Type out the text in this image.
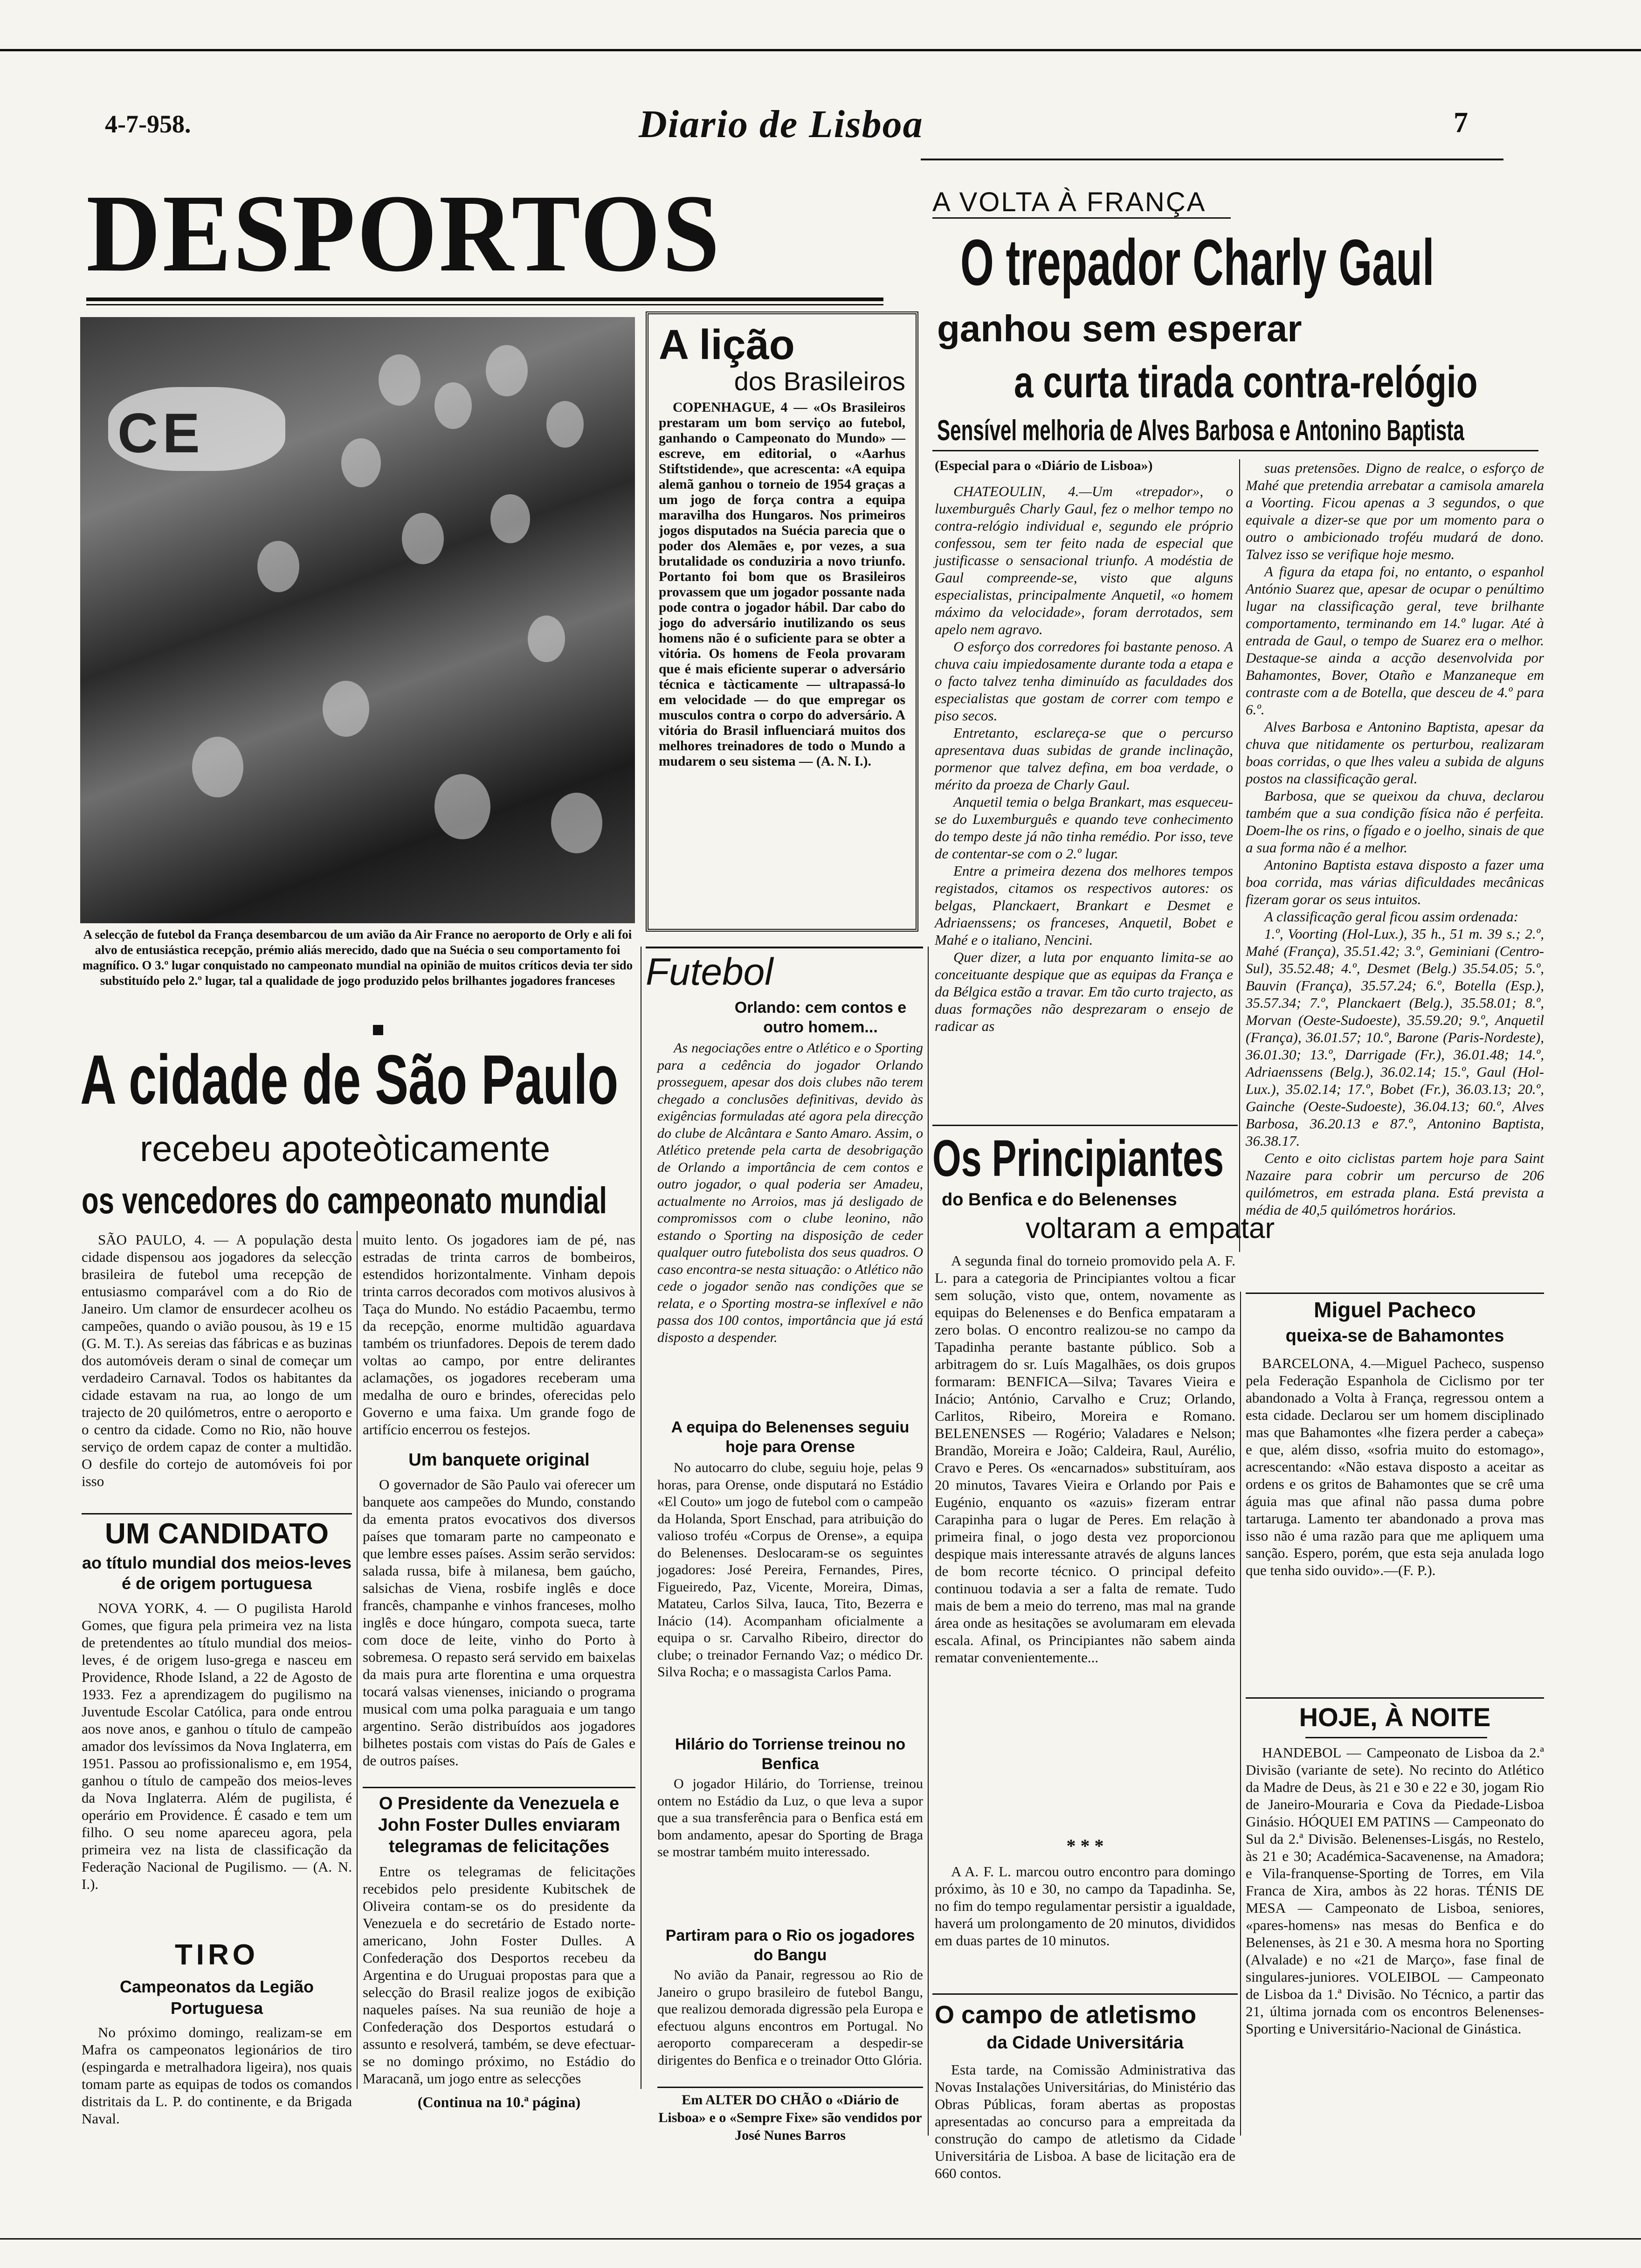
4-7-958.	Diario de Lisboa	7
DESPORTOS
CE
A selecção de futebol da França desembarcou de um avião da Air France no aeroporto de Orly e ali foi alvo de entusiástica recepção, prémio aliás merecido, dado que na Suécia o seu comportamento foi magnífico. O 3.º lugar conquistado no campeonato mundial na opinião de muitos críticos devia ter sido substituído pelo 2.º lugar, tal a qualidade de jogo produzido pelos brilhantes jogadores franceses
A lição
dos Brasileiros
COPENHAGUE, 4 — «Os Brasileiros prestaram um bom serviço ao futebol, ganhando o Campeonato do Mundo» — escreve, em editorial, o «Aarhus Stiftstidende», que acrescenta: «A equipa alemã ganhou o torneio de 1954 graças a um jogo de força contra a equipa maravilha dos Hungaros. Nos primeiros jogos disputados na Suécia parecia que o poder dos Alemães e, por vezes, a sua brutalidade os conduziria a novo triunfo. Portanto foi bom que os Brasileiros provassem que um jogador possante nada pode contra o jogador hábil. Dar cabo do jogo do adversário inutilizando os seus homens não é o suficiente para se obter a vitória. Os homens de Feola provaram que é mais eficiente superar o adversário técnica e tàcticamente — ultrapassá-lo em velocidade — do que empregar os musculos contra o corpo do adversário. A vitória do Brasil influenciará muitos dos melhores treinadores de todo o Mundo a mudarem o seu sistema — (A. N. I.).
A VOLTA À FRANÇA
O trepador Charly Gaul
ganhou sem esperar
a curta tirada contra-relógio
Sensível melhoria de Alves Barbosa e Antonino Baptista
(Especial para o «Diário de Lisboa»)

CHATEOULIN, 4.—Um «trepador», o luxemburguês Charly Gaul, fez o melhor tempo no contra-relógio individual e, segundo ele próprio confessou, sem ter feito nada de especial que justificasse o sensacional triunfo. A modéstia de Gaul compreende-se, visto que alguns especialistas, principalmente Anquetil, «o homem máximo da velocidade», foram derrotados, sem apelo nem agravo.

O esforço dos corredores foi bastante penoso. A chuva caiu impiedosamente durante toda a etapa e o facto talvez tenha diminuído as faculdades dos especialistas que gostam de correr com tempo e piso secos.

Entretanto, esclareça-se que o percurso apresentava duas subidas de grande inclinação, pormenor que talvez defina, em boa verdade, o mérito da proeza de Charly Gaul.

Anquetil temia o belga Brankart, mas esqueceu-se do Luxemburguês e quando teve conhecimento do tempo deste já não tinha remédio. Por isso, teve de contentar-se com o 2.º lugar.

Entre a primeira dezena dos melhores tempos registados, citamos os respectivos autores: os belgas, Planckaert, Brankart e Desmet e Adriaenssens; os franceses, Anquetil, Bobet e Mahé e o italiano, Nencini.

Quer dizer, a luta por enquanto limita-se ao conceituante despique que as equipas da França e da Bélgica estão a travar. Em tão curto trajecto, as duas formações não desprezaram o ensejo de radicar as

suas pretensões. Digno de realce, o esforço de Mahé que pretendia arrebatar a camisola amarela a Voorting. Ficou apenas a 3 segundos, o que equivale a dizer-se que por um momento para o outro o ambicionado troféu mudará de dono. Talvez isso se verifique hoje mesmo.

A figura da etapa foi, no entanto, o espanhol António Suarez que, apesar de ocupar o penúltimo lugar na classificação geral, teve brilhante comportamento, terminando em 14.º lugar. Até à entrada de Gaul, o tempo de Suarez era o melhor. Destaque-se ainda a acção desenvolvida por Bahamontes, Bover, Otaño e Manzaneque em contraste com a de Botella, que desceu de 4.º para 6.º.

Alves Barbosa e Antonino Baptista, apesar da chuva que nitidamente os perturbou, realizaram boas corridas, o que lhes valeu a subida de alguns postos na classificação geral.

Barbosa, que se queixou da chuva, declarou também que a sua condição física não é perfeita. Doem-lhe os rins, o fígado e o joelho, sinais de que a sua forma não é a melhor.

Antonino Baptista estava disposto a fazer uma boa corrida, mas várias dificuldades mecânicas fizeram gorar os seus intuitos.

A classificação geral ficou assim ordenada:

1.º, Voorting (Hol-Lux.), 35 h., 51 m. 39 s.; 2.º, Mahé (França), 35.51.42; 3.º, Geminiani (Centro-Sul), 35.52.48; 4.º, Desmet (Belg.) 35.54.05; 5.º, Bauvin (França), 35.57.24; 6.º, Botella (Esp.), 35.57.34; 7.º, Planckaert (Belg.), 35.58.01; 8.º, Morvan (Oeste-Sudoeste), 35.59.20; 9.º, Anquetil (França), 36.01.57; 10.º, Barone (Paris-Nordeste), 36.01.30; 13.º, Darrigade (Fr.), 36.01.48; 14.º, Adriaenssens (Belg.), 36.02.14; 15.º, Gaul (Hol-Lux.), 35.02.14; 17.º, Bobet (Fr.), 36.03.13; 20.º, Gainche (Oeste-Sudoeste), 36.04.13; 60.º, Alves Barbosa, 36.20.13 e 87.º, Antonino Baptista, 36.38.17.

Cento e oito ciclistas partem hoje para Saint Nazaire para cobrir um percurso de 206 quilómetros, em estrada plana. Está prevista a média de 40,5 quilómetros horários.

Futebol
Orlando: cem contos e outro homem...
As negociações entre o Atlético e o Sporting para a cedência do jogador Orlando prosseguem, apesar dos dois clubes não terem chegado a conclusões definitivas, devido às exigências formuladas até agora pela direcção do clube de Alcântara e Santo Amaro. Assim, o Atlético pretende pela carta de desobrigação de Orlando a importância de cem contos e outro jogador, o qual poderia ser Amadeu, actualmente no Arroios, mas já desligado de compromissos com o clube leonino, não estando o Sporting na disposição de ceder qualquer outro futebolista dos seus quadros. O caso encontra-se nesta situação: o Atlético não cede o jogador senão nas condições que se relata, e o Sporting mostra-se inflexível e não passa dos 100 contos, importância que já está disposto a despender.
A equipa do Belenenses seguiu hoje para Orense
No autocarro do clube, seguiu hoje, pelas 9 horas, para Orense, onde disputará no Estádio «El Couto» um jogo de futebol com o campeão da Holanda, Sport Enschad, para atribuição do valioso troféu «Corpus de Orense», a equipa do Belenenses. Deslocaram-se os seguintes jogadores: José Pereira, Fernandes, Pires, Figueiredo, Paz, Vicente, Moreira, Dimas, Matateu, Carlos Silva, Iauca, Tito, Bezerra e Inácio (14). Acompanham oficialmente a equipa o sr. Carvalho Ribeiro, director do clube; o treinador Fernando Vaz; o médico Dr. Silva Rocha; e o massagista Carlos Pama.
Hilário do Torriense treinou no Benfica
O jogador Hilário, do Torriense, treinou ontem no Estádio da Luz, o que leva a supor que a sua transferência para o Benfica está em bom andamento, apesar do Sporting de Braga se mostrar também muito interessado.
Partiram para o Rio os jogadores do Bangu
No avião da Panair, regressou ao Rio de Janeiro o grupo brasileiro de futebol Bangu, que realizou demorada digressão pela Europa e efectuou alguns encontros em Portugal. No aeroporto compareceram a despedir-se dirigentes do Benfica e o treinador Otto Glória.
Em ALTER DO CHÃO o «Diário de Lisboa» e o «Sempre Fixe» são vendidos por José Nunes Barros
A cidade de São Paulo
recebeu apoteòticamente
os vencedores do campeonato mundial
SÃO PAULO, 4. — A população desta cidade dispensou aos jogadores da selecção brasileira de futebol uma recepção de entusiasmo comparável com a do Rio de Janeiro. Um clamor de ensurdecer acolheu os campeões, quando o avião pousou, às 19 e 15 (G. M. T.). As sereias das fábricas e as buzinas dos automóveis deram o sinal de começar um verdadeiro Carnaval. Todos os habitantes da cidade estavam na rua, ao longo de um trajecto de 20 quilómetros, entre o aeroporto e o centro da cidade. Como no Rio, não houve serviço de ordem capaz de conter a multidão. O desfile do cortejo de automóveis foi por isso
muito lento. Os jogadores iam de pé, nas estradas de trinta carros de bombeiros, estendidos horizontalmente. Vinham depois trinta carros decorados com motivos alusivos à Taça do Mundo. No estádio Pacaembu, termo da recepção, enorme multidão aguardava também os triunfadores. Depois de terem dado voltas ao campo, por entre delirantes aclamações, os jogadores receberam uma medalha de ouro e brindes, oferecidas pelo Governo e uma faixa. Um grande fogo de artifício encerrou os festejos.
Um banquete original
O governador de São Paulo vai oferecer um banquete aos campeões do Mundo, constando da ementa pratos evocativos dos diversos países que tomaram parte no campeonato e que lembre esses países. Assim serão servidos: salada russa, bife à milanesa, bem gaúcho, salsichas de Viena, rosbife inglês e doce francês, champanhe e vinhos franceses, molho inglês e doce húngaro, compota sueca, tarte com doce de leite, vinho do Porto à sobremesa. O repasto será servido em baixelas da mais pura arte florentina e uma orquestra tocará valsas vienenses, iniciando o programa musical com uma polka paraguaia e um tango argentino. Serão distribuídos aos jogadores bilhetes postais com vistas do País de Gales e de outros países.
UM CANDIDATO
ao título mundial dos meios-leves é de origem portuguesa
NOVA YORK, 4. — O pugilista Harold Gomes, que figura pela primeira vez na lista de pretendentes ao título mundial dos meios-leves, é de origem luso-grega e nasceu em Providence, Rhode Island, a 22 de Agosto de 1933. Fez a aprendizagem do pugilismo na Juventude Escolar Católica, para onde entrou aos nove anos, e ganhou o título de campeão amador dos levíssimos da Nova Inglaterra, em 1951. Passou ao profissionalismo e, em 1954, ganhou o título de campeão dos meios-leves da Nova Inglaterra. Além de pugilista, é operário em Providence. É casado e tem um filho. O seu nome apareceu agora, pela primeira vez na lista de classificação da Federação Nacional de Pugilismo. — (A. N. I.).
TIRO
Campeonatos da Legião Portuguesa
No próximo domingo, realizam-se em Mafra os campeonatos legionários de tiro (espingarda e metralhadora ligeira), nos quais tomam parte as equipas de todos os comandos distritais da L. P. do continente, e da Brigada Naval.
O Presidente da Venezuela e John Foster Dulles enviaram telegramas de felicitações
Entre os telegramas de felicitações recebidos pelo presidente Kubitschek de Oliveira contam-se os do presidente da Venezuela e do secretário de Estado norte-americano, John Foster Dulles. A Confederação dos Desportos recebeu da Argentina e do Uruguai propostas para que a selecção do Brasil realize jogos de exibição naqueles países. Na sua reunião de hoje a Confederação dos Desportos estudará o assunto e resolverá, também, se deve efectuar-se no domingo próximo, no Estádio do Maracanã, um jogo entre as selecções
(Continua na 10.ª página)
Os Principiantes
do Benfica e do Belenenses
voltaram a empatar
A segunda final do torneio promovido pela A. F. L. para a categoria de Principiantes voltou a ficar sem solução, visto que, ontem, novamente as equipas do Belenenses e do Benfica empataram a zero bolas. O encontro realizou-se no campo da Tapadinha perante bastante público. Sob a arbitragem do sr. Luís Magalhães, os dois grupos formaram: BENFICA—Silva; Tavares Vieira e Inácio; António, Carvalho e Cruz; Orlando, Carlitos, Ribeiro, Moreira e Romano. BELENENSES — Rogério; Valadares e Nelson; Brandão, Moreira e João; Caldeira, Raul, Aurélio, Cravo e Peres. Os «encarnados» substituíram, aos 20 minutos, Tavares Vieira e Orlando por Pais e Eugénio, enquanto os «azuis» fizeram entrar Carapinha para o lugar de Peres. Em relação à primeira final, o jogo desta vez proporcionou despique mais interessante através de alguns lances de bom recorte técnico. O principal defeito continuou todavia a ser a falta de remate. Tudo mais de bem a meio do terreno, mas mal na grande área onde as hesitações se avolumaram em elevada escala. Afinal, os Principiantes não sabem ainda rematar convenientemente...
* * *
A A. F. L. marcou outro encontro para domingo próximo, às 10 e 30, no campo da Tapadinha. Se, no fim do tempo regulamentar persistir a igualdade, haverá um prolongamento de 20 minutos, divididos em duas partes de 10 minutos.
O campo de atletismo
da Cidade Universitária
Esta tarde, na Comissão Administrativa das Novas Instalações Universitárias, do Ministério das Obras Públicas, foram abertas as propostas apresentadas ao concurso para a empreitada da construção do campo de atletismo da Cidade Universitária de Lisboa. A base de licitação era de 660 contos.
Miguel Pacheco
queixa-se de Bahamontes
BARCELONA, 4.—Miguel Pacheco, suspenso pela Federação Espanhola de Ciclismo por ter abandonado a Volta à França, regressou ontem a esta cidade. Declarou ser um homem disciplinado mas que Bahamontes «lhe fizera perder a cabeça» e que, além disso, «sofria muito do estomago», acrescentando: «Não estava disposto a aceitar as ordens e os gritos de Bahamontes que se crê uma águia mas que afinal não passa duma pobre tartaruga. Lamento ter abandonado a prova mas isso não é uma razão para que me apliquem uma sanção. Espero, porém, que esta seja anulada logo que tenha sido ouvido».—(F. P.).
HOJE, À NOITE
HANDEBOL — Campeonato de Lisboa da 2.ª Divisão (variante de sete). No recinto do Atlético da Madre de Deus, às 21 e 30 e 22 e 30, jogam Rio de Janeiro-Mouraria e Cova da Piedade-Lisboa Ginásio. HÓQUEI EM PATINS — Campeonato do Sul da 2.ª Divisão. Belenenses-Lisgás, no Restelo, às 21 e 30; Académica-Sacavenense, na Amadora; e Vila-franquense-Sporting de Torres, em Vila Franca de Xira, ambos às 22 horas. TÉNIS DE MESA — Campeonato de Lisboa, seniores, «pares-homens» nas mesas do Benfica e do Belenenses, às 21 e 30. A mesma hora no Sporting (Alvalade) e no «21 de Março», fase final de singulares-juniores. VOLEIBOL — Campeonato de Lisboa da 1.ª Divisão. No Técnico, a partir das 21, última jornada com os encontros Belenenses-Sporting e Universitário-Nacional de Ginástica.
